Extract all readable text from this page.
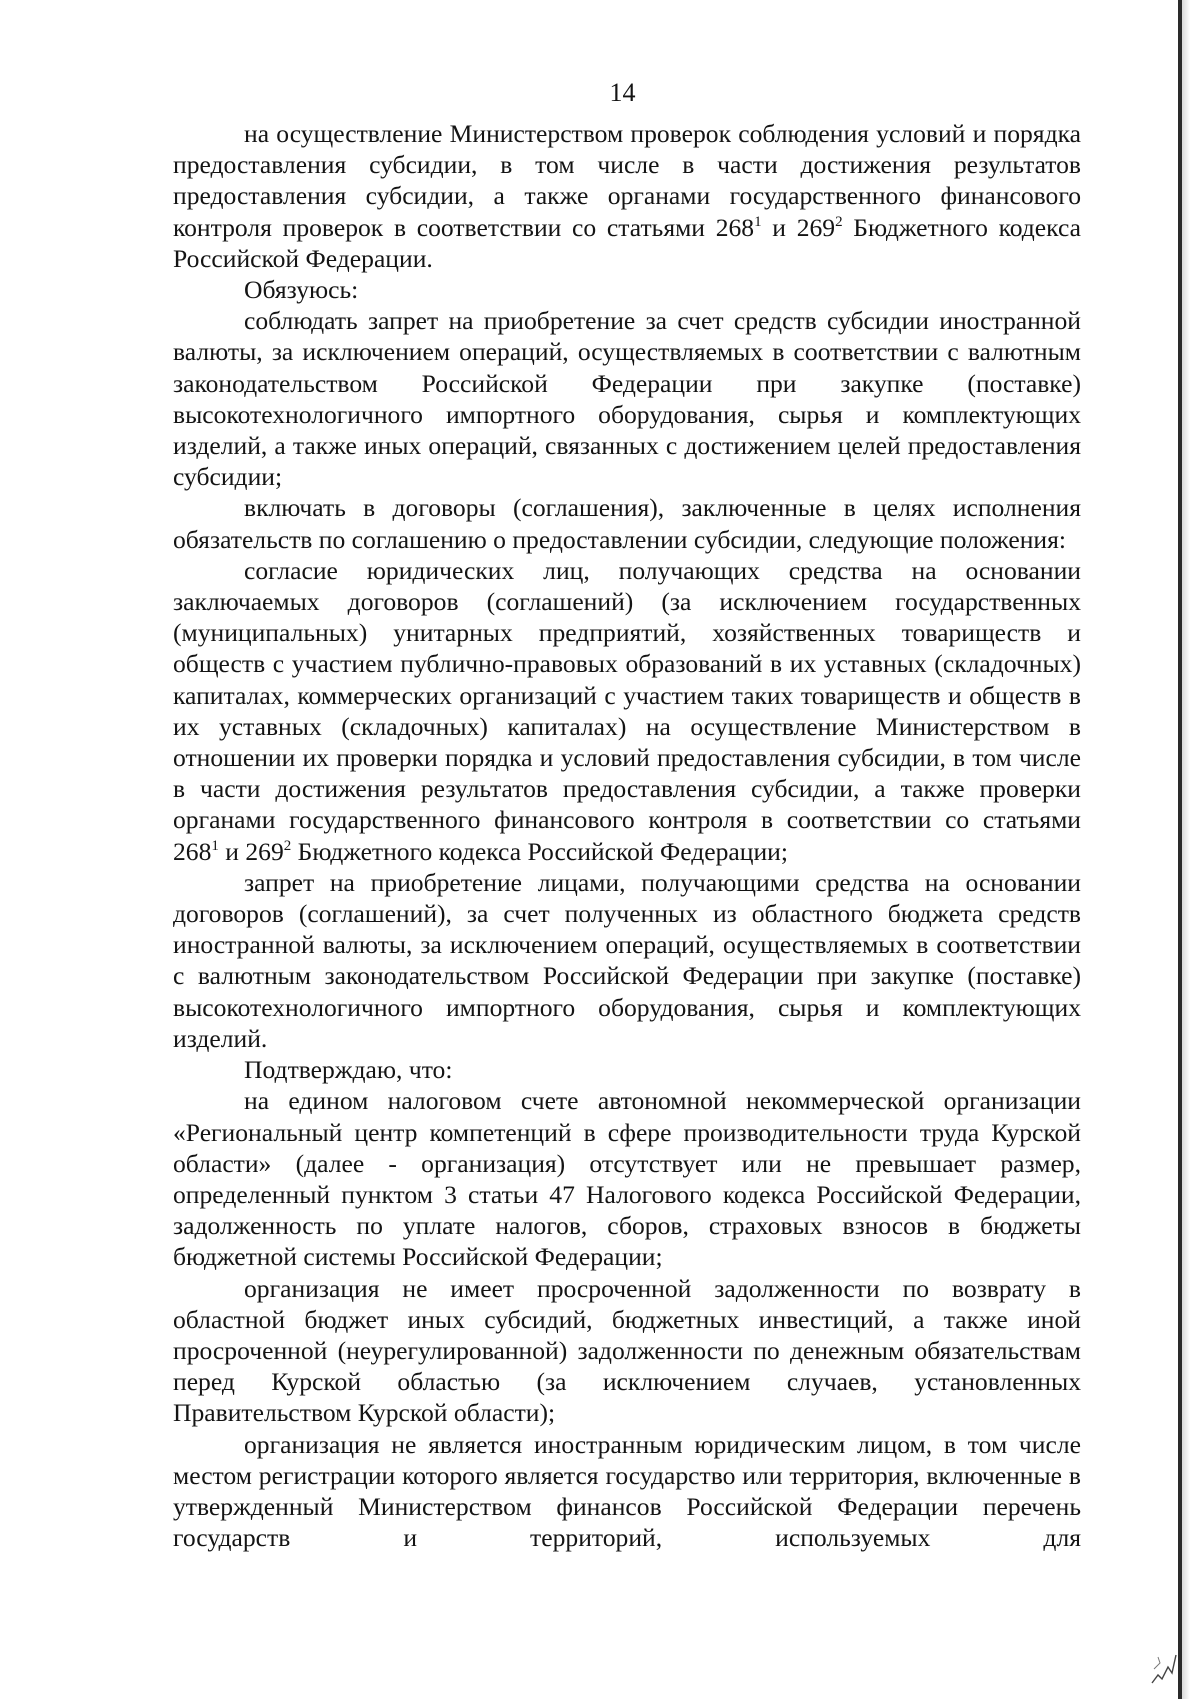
14

на осуществление Министерством проверок соблюдения условий и порядка предоставления субсидии, в том числе в части достижения результатов предоставления субсидии, а также органами государственного финансового контроля проверок в соответствии со статьями $268^1$ и $269^2$ Бюджетного кодекса Российской Федерации.

Обязуюсь:

соблюдать запрет на приобретение за счет средств субсидии иностранной валюты, за исключением операций, осуществляемых в соответствии с валютным законодательством Российской Федерации при закупке (поставке) высокотехнологичного импортного оборудования, сырья и комплектующих изделий, а также иных операций, связанных с достижением целей предоставления субсидии;

включать в договоры (соглашения), заключенные в целях исполнения обязательств по соглашению о предоставлении субсидии, следующие положения:

согласие юридических лиц, получающих средства на основании заключаемых договоров (соглашений) (за исключением государственных (муниципальных) унитарных предприятий, хозяйственных товариществ и обществ с участием публично-правовых образований в их уставных (складочных) капиталах, коммерческих организаций с участием таких товариществ и обществ в их уставных (складочных) капиталах) на осуществление Министерством в отношении их проверки порядка и условий предоставления субсидии, в том числе в части достижения результатов предоставления субсидии, а также проверки органами государственного финансового контроля в соответствии со статьями $268^1$ и $269^2$ Бюджетного кодекса Российской Федерации;

запрет на приобретение лицами, получающими средства на основании договоров (соглашений), за счет полученных из областного бюджета средств иностранной валюты, за исключением операций, осуществляемых в соответствии с валютным законодательством Российской Федерации при закупке (поставке) высокотехнологичного импортного оборудования, сырья и комплектующих изделий.

Подтверждаю, что:

на едином налоговом счете автономной некоммерческой организации «Региональный центр компетенций в сфере производительности труда Курской области» (далее - организация) отсутствует или не превышает размер, определенный пунктом 3 статьи 47 Налогового кодекса Российской Федерации, задолженность по уплате налогов, сборов, страховых взносов в бюджеты бюджетной системы Российской Федерации;

организация не имеет просроченной задолженности по возврату в областной бюджет иных субсидий, бюджетных инвестиций, а также иной просроченной (неурегулированной) задолженности по денежным обязательствам перед Курской областью (за исключением случаев, установленных Правительством Курской области);

организация не является иностранным юридическим лицом, в том числе местом регистрации которого является государство или территория, включенные в утвержденный Министерством финансов Российской Федерации перечень государств и территорий, используемых для
